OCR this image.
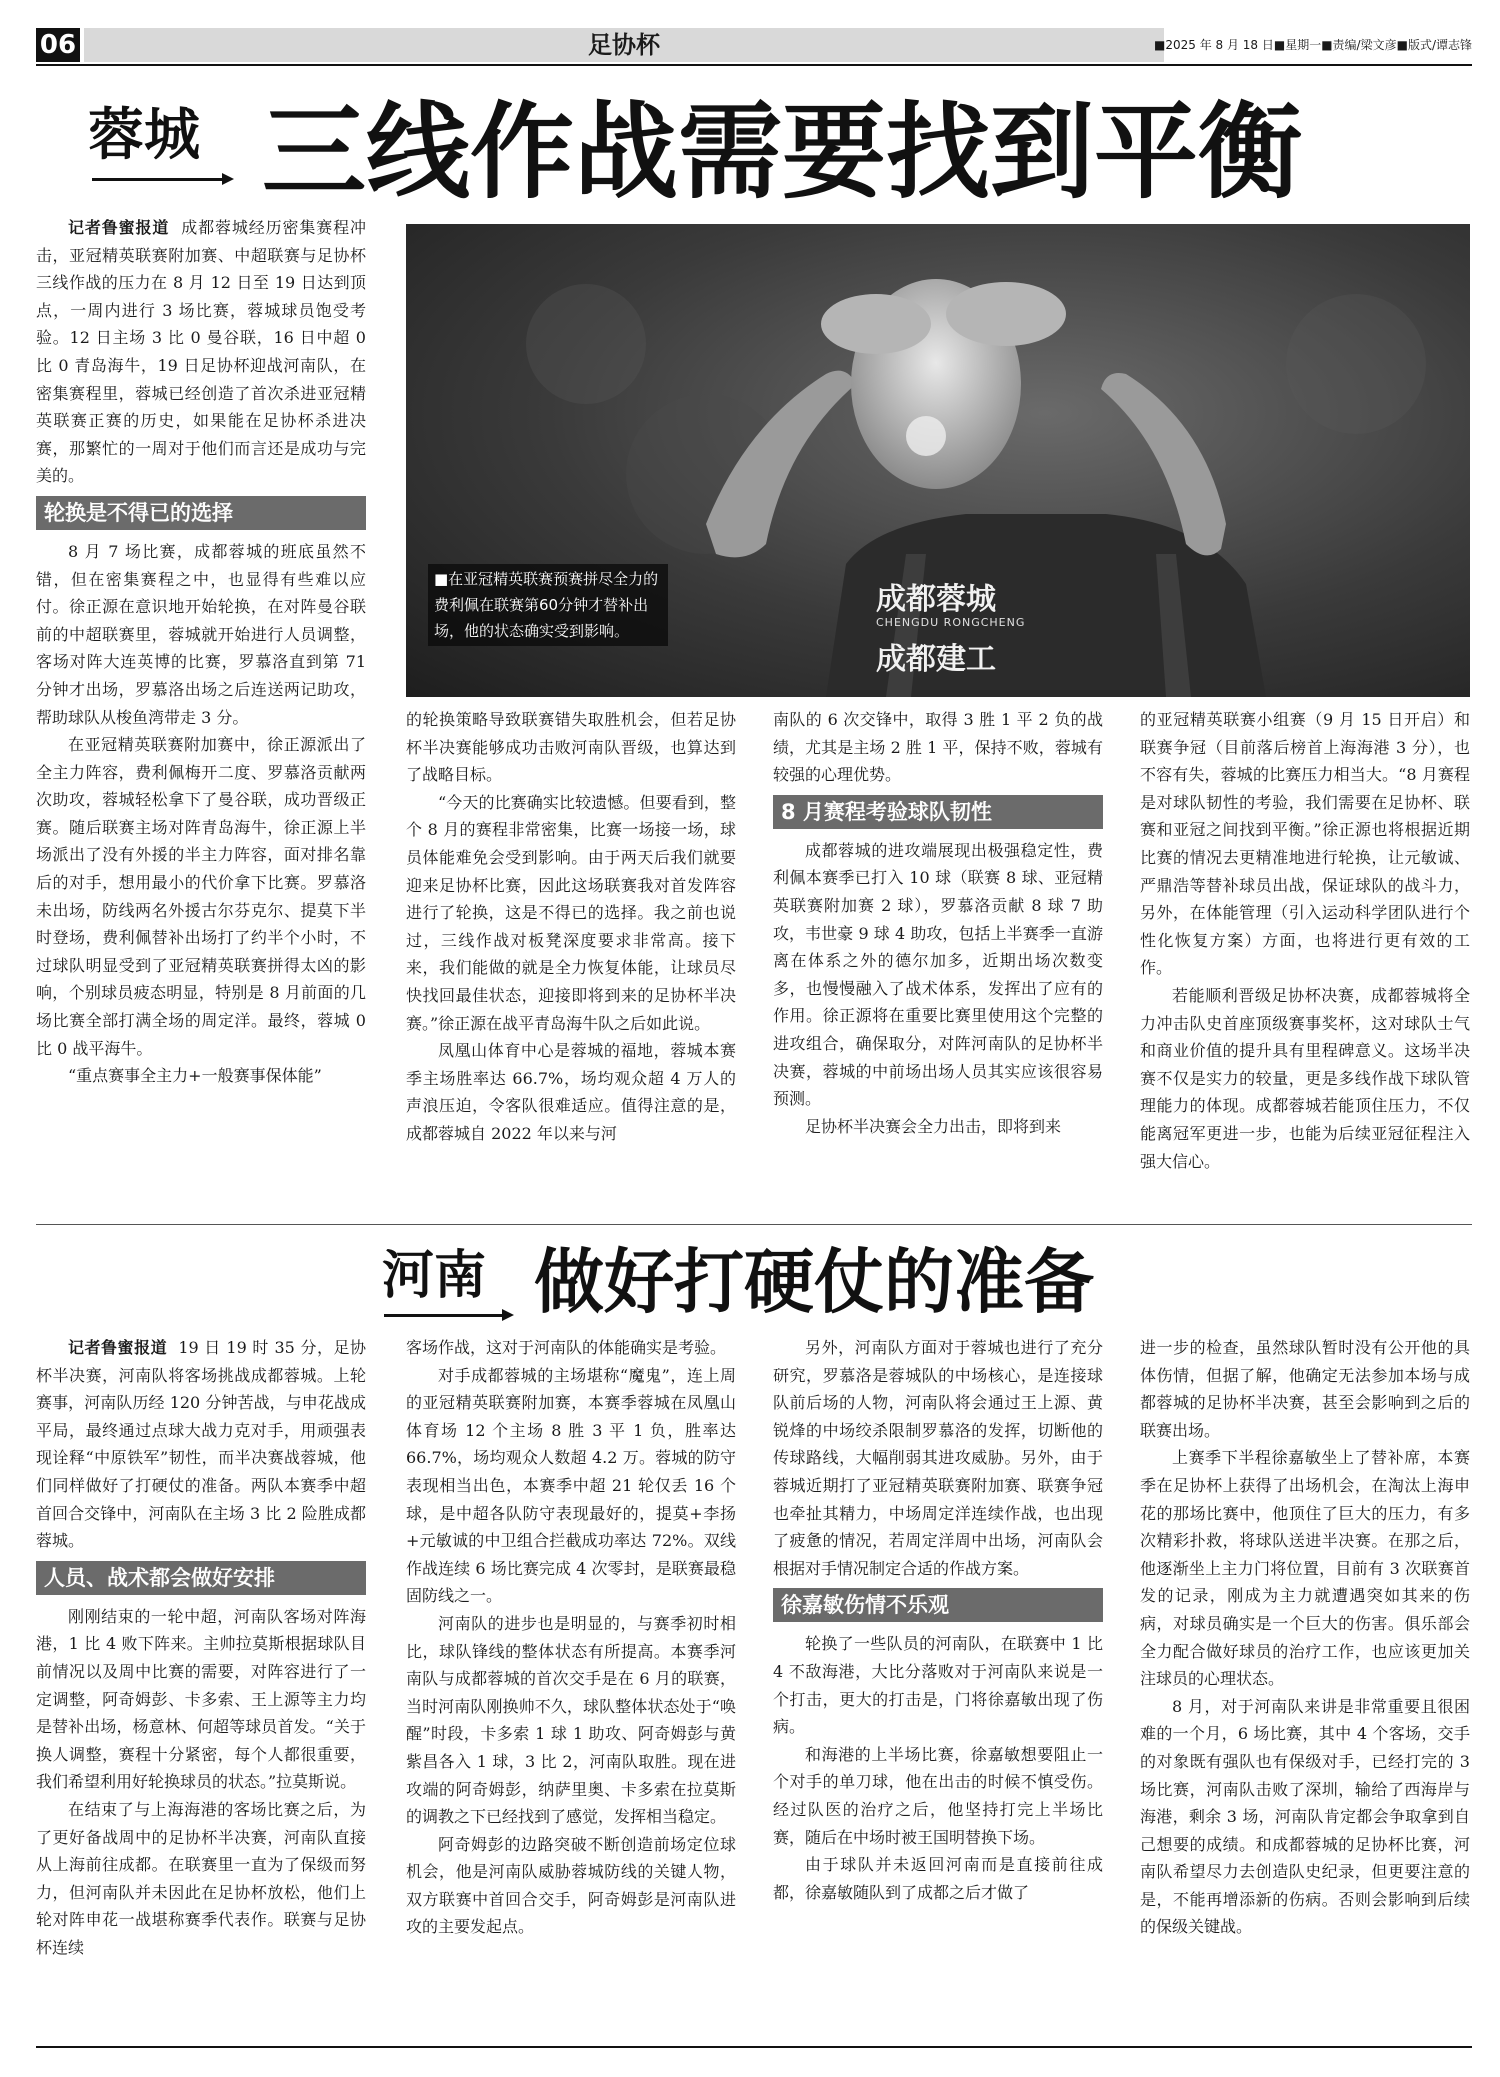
06	足协杯	■2025 年 8 月 18 日■星期一■责编/梁文彦■版式/谭志锋
蓉城 三线作战需要找到平衡

记者鲁蜜报道 成都蓉城经历密集赛程冲击，亚冠精英联赛附加赛、中超联赛与足协杯三线作战的压力在 8 月 12 日至 19 日达到顶点，一周内进行 3 场比赛，蓉城球员饱受考验。12 日主场 3 比 0 曼谷联，16 日中超 0 比 0 青岛海牛，19 日足协杯迎战河南队，在密集赛程里，蓉城已经创造了首次杀进亚冠精英联赛正赛的历史，如果能在足协杯杀进决赛，那繁忙的一周对于他们而言还是成功与完美的。

轮换是不得已的选择

8 月 7 场比赛，成都蓉城的班底虽然不错，但在密集赛程之中，也显得有些难以应付。徐正源在意识地开始轮换，在对阵曼谷联前的中超联赛里，蓉城就开始进行人员调整，客场对阵大连英博的比赛，罗慕洛直到第 71 分钟才出场，罗慕洛出场之后连送两记助攻，帮助球队从梭鱼湾带走 3 分。

在亚冠精英联赛附加赛中，徐正源派出了全主力阵容，费利佩梅开二度、罗慕洛贡献两次助攻，蓉城轻松拿下了曼谷联，成功晋级正赛。随后联赛主场对阵青岛海牛，徐正源上半场派出了没有外援的半主力阵容，面对排名靠后的对手，想用最小的代价拿下比赛。罗慕洛未出场，防线两名外援古尔芬克尔、提莫下半时登场，费利佩替补出场打了约半个小时，不过球队明显受到了亚冠精英联赛拼得太凶的影响，个别球员疲态明显，特别是 8 月前面的几场比赛全部打满全场的周定洋。最终，蓉城 0 比 0 战平海牛。

“重点赛事全主力+一般赛事保体能”

成都蓉城
CHENGDU RONGCHENG
成都建工
■在亚冠精英联赛预赛拼尽全力的费利佩在联赛第60分钟才替补出场，他的状态确实受到影响。

的轮换策略导致联赛错失取胜机会，但若足协杯半决赛能够成功击败河南队晋级，也算达到了战略目标。

“今天的比赛确实比较遗憾。但要看到，整个 8 月的赛程非常密集，比赛一场接一场，球员体能难免会受到影响。由于两天后我们就要迎来足协杯比赛，因此这场联赛我对首发阵容进行了轮换，这是不得已的选择。我之前也说过，三线作战对板凳深度要求非常高。接下来，我们能做的就是全力恢复体能，让球员尽快找回最佳状态，迎接即将到来的足协杯半决赛。”徐正源在战平青岛海牛队之后如此说。

凤凰山体育中心是蓉城的福地，蓉城本赛季主场胜率达 66.7%，场均观众超 4 万人的声浪压迫，令客队很难适应。值得注意的是，成都蓉城自 2022 年以来与河

南队的 6 次交锋中，取得 3 胜 1 平 2 负的战绩，尤其是主场 2 胜 1 平，保持不败，蓉城有较强的心理优势。

8 月赛程考验球队韧性

成都蓉城的进攻端展现出极强稳定性，费利佩本赛季已打入 10 球（联赛 8 球、亚冠精英联赛附加赛 2 球），罗慕洛贡献 8 球 7 助攻，韦世豪 9 球 4 助攻，包括上半赛季一直游离在体系之外的德尔加多，近期出场次数变多，也慢慢融入了战术体系，发挥出了应有的作用。徐正源将在重要比赛里使用这个完整的进攻组合，确保取分，对阵河南队的足协杯半决赛，蓉城的中前场出场人员其实应该很容易预测。

足协杯半决赛会全力出击，即将到来

的亚冠精英联赛小组赛（9 月 15 日开启）和联赛争冠（目前落后榜首上海海港 3 分），也不容有失，蓉城的比赛压力相当大。“8 月赛程是对球队韧性的考验，我们需要在足协杯、联赛和亚冠之间找到平衡。”徐正源也将根据近期比赛的情况去更精准地进行轮换，让元敏诚、严鼎浩等替补球员出战，保证球队的战斗力，另外，在体能管理（引入运动科学团队进行个性化恢复方案）方面，也将进行更有效的工作。

若能顺利晋级足协杯决赛，成都蓉城将全力冲击队史首座顶级赛事奖杯，这对球队士气和商业价值的提升具有里程碑意义。这场半决赛不仅是实力的较量，更是多线作战下球队管理能力的体现。成都蓉城若能顶住压力，不仅能离冠军更进一步，也能为后续亚冠征程注入强大信心。

河南 做好打硬仗的准备

记者鲁蜜报道 19 日 19 时 35 分，足协杯半决赛，河南队将客场挑战成都蓉城。上轮赛事，河南队历经 120 分钟苦战，与申花战成平局，最终通过点球大战力克对手，用顽强表现诠释“中原铁军”韧性，而半决赛战蓉城，他们同样做好了打硬仗的准备。两队本赛季中超首回合交锋中，河南队在主场 3 比 2 险胜成都蓉城。

人员、战术都会做好安排

刚刚结束的一轮中超，河南队客场对阵海港，1 比 4 败下阵来。主帅拉莫斯根据球队目前情况以及周中比赛的需要，对阵容进行了一定调整，阿奇姆彭、卡多索、王上源等主力均是替补出场，杨意林、何超等球员首发。“关于换人调整，赛程十分紧密，每个人都很重要，我们希望利用好轮换球员的状态。”拉莫斯说。

在结束了与上海海港的客场比赛之后，为了更好备战周中的足协杯半决赛，河南队直接从上海前往成都。在联赛里一直为了保级而努力，但河南队并未因此在足协杯放松，他们上轮对阵申花一战堪称赛季代表作。联赛与足协杯连续

客场作战，这对于河南队的体能确实是考验。

对手成都蓉城的主场堪称“魔鬼”，连上周的亚冠精英联赛附加赛，本赛季蓉城在凤凰山体育场 12 个主场 8 胜 3 平 1 负，胜率达 66.7%，场均观众人数超 4.2 万。蓉城的防守表现相当出色，本赛季中超 21 轮仅丢 16 个球，是中超各队防守表现最好的，提莫+李扬+元敏诚的中卫组合拦截成功率达 72%。双线作战连续 6 场比赛完成 4 次零封，是联赛最稳固防线之一。

河南队的进步也是明显的，与赛季初时相比，球队锋线的整体状态有所提高。本赛季河南队与成都蓉城的首次交手是在 6 月的联赛，当时河南队刚换帅不久，球队整体状态处于“唤醒”时段，卡多索 1 球 1 助攻、阿奇姆彭与黄紫昌各入 1 球，3 比 2，河南队取胜。现在进攻端的阿奇姆彭，纳萨里奥、卡多索在拉莫斯的调教之下已经找到了感觉，发挥相当稳定。

阿奇姆彭的边路突破不断创造前场定位球机会，他是河南队威胁蓉城防线的关键人物，双方联赛中首回合交手，阿奇姆彭是河南队进攻的主要发起点。

另外，河南队方面对于蓉城也进行了充分研究，罗慕洛是蓉城队的中场核心，是连接球队前后场的人物，河南队将会通过王上源、黄锐烽的中场绞杀限制罗慕洛的发挥，切断他的传球路线，大幅削弱其进攻威胁。另外，由于蓉城近期打了亚冠精英联赛附加赛、联赛争冠也牵扯其精力，中场周定洋连续作战，也出现了疲惫的情况，若周定洋周中出场，河南队会根据对手情况制定合适的作战方案。

徐嘉敏伤情不乐观

轮换了一些队员的河南队，在联赛中 1 比 4 不敌海港，大比分落败对于河南队来说是一个打击，更大的打击是，门将徐嘉敏出现了伤病。

和海港的上半场比赛，徐嘉敏想要阻止一个对手的单刀球，他在出击的时候不慎受伤。经过队医的治疗之后，他坚持打完上半场比赛，随后在中场时被王国明替换下场。

由于球队并未返回河南而是直接前往成都，徐嘉敏随队到了成都之后才做了

进一步的检查，虽然球队暂时没有公开他的具体伤情，但据了解，他确定无法参加本场与成都蓉城的足协杯半决赛，甚至会影响到之后的联赛出场。

上赛季下半程徐嘉敏坐上了替补席，本赛季在足协杯上获得了出场机会，在淘汰上海申花的那场比赛中，他顶住了巨大的压力，有多次精彩扑救，将球队送进半决赛。在那之后，他逐渐坐上主力门将位置，目前有 3 次联赛首发的记录，刚成为主力就遭遇突如其来的伤病，对球员确实是一个巨大的伤害。俱乐部会全力配合做好球员的治疗工作，也应该更加关注球员的心理状态。

8 月，对于河南队来讲是非常重要且很困难的一个月，6 场比赛，其中 4 个客场，交手的对象既有强队也有保级对手，已经打完的 3 场比赛，河南队击败了深圳，输给了西海岸与海港，剩余 3 场，河南队肯定都会争取拿到自己想要的成绩。和成都蓉城的足协杯比赛，河南队希望尽力去创造队史纪录，但更要注意的是，不能再增添新的伤病。否则会影响到后续的保级关键战。
